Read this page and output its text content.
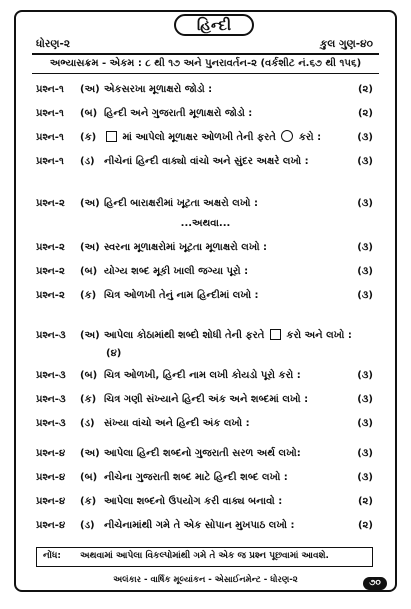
હિન્દી
ધોરણ-૨	કુલ ગુણ-૪૦
અભ્યાસક્રમ - એકમ : ૮ થી ૧૭ અને પુનરાવર્તન-૨ (વર્કશીટ નં.૬૭ થી ૧૫૬)
પ્રશ્ન-૧	(અ) એકસરખા મૂળાક્ષરો જોડો :	(૨)
પ્રશ્ન-૧	(બ) હિન્દી અને ગુજરાતી મૂળાક્ષરો જોડો :	(૨)
પ્રશ્ન-૧	(ક)	માં આપેલો મૂળાક્ષર ઓળખી તેની ફરતે કરો :	(૩)
પ્રશ્ન-૧	(ડ) નીચેનાં હિન્દી વાક્યો વાંચો અને સુંદર અક્ષરે લખો :	(૩)
પ્રશ્ન-૨	(અ) હિન્દી બારાક્ષરીમાં ખૂટતા અક્ષરો લખો :	(૩)
...અથવા...
પ્રશ્ન-૨	(અ) સ્વરના મૂળાક્ષરોમાં ખૂટતા મૂળાક્ષરો લખો :	(૩)
પ્રશ્ન-૨	(બ) યોગ્ય શબ્દ મૂકી ખાલી જગ્યા પૂરો :	(૩)
પ્રશ્ન-૨	(ક) ચિત્ર ઓળખી તેનું નામ હિન્દીમાં લખો :	(૩)
પ્રશ્ન-૩	(અ) આપેલા કોઠામાંથી શબ્દો શોધી તેની ફરતે કરો અને લખો :
(૪)
પ્રશ્ન-૩	(બ) ચિત્ર ઓળખી, હિન્દી નામ લખી કોયડો પૂરો કરો :	(૩)
પ્રશ્ન-૩	(ક) ચિત્ર ગણી સંખ્યાને હિન્દી અંક અને શબ્દમાં લખો :	(૩)
પ્રશ્ન-૩	(ડ) સંખ્યા વાંચો અને હિન્દી અંક લખો :	(૩)
પ્રશ્ન-૪	(અ) આપેલા હિન્દી શબ્દનો ગુજરાતી સરળ અર્થ લખો:	(૩)
પ્રશ્ન-૪	(બ) નીચેના ગુજરાતી શબ્દ માટે હિન્દી શબ્દ લખો :	(૩)
પ્રશ્ન-૪	(ક) આપેલા શબ્દનો ઉપયોગ કરી વાક્ય બનાવો :	(૨)
પ્રશ્ન-૪	(ડ) નીચેનામાંથી ગમે તે એક સોપાન મુખપાઠ લખો :	(૨)
નોંધ: અથવામાં આપેલા વિકલ્પોમાંથી ગમે તે એક જ પ્રશ્ન પૂછવામાં આવશે.
અલંકાર - વાર્ષિક મૂલ્યાંકન - એસાઈનમેન્ટ - ધોરણ-૨	૭૦
